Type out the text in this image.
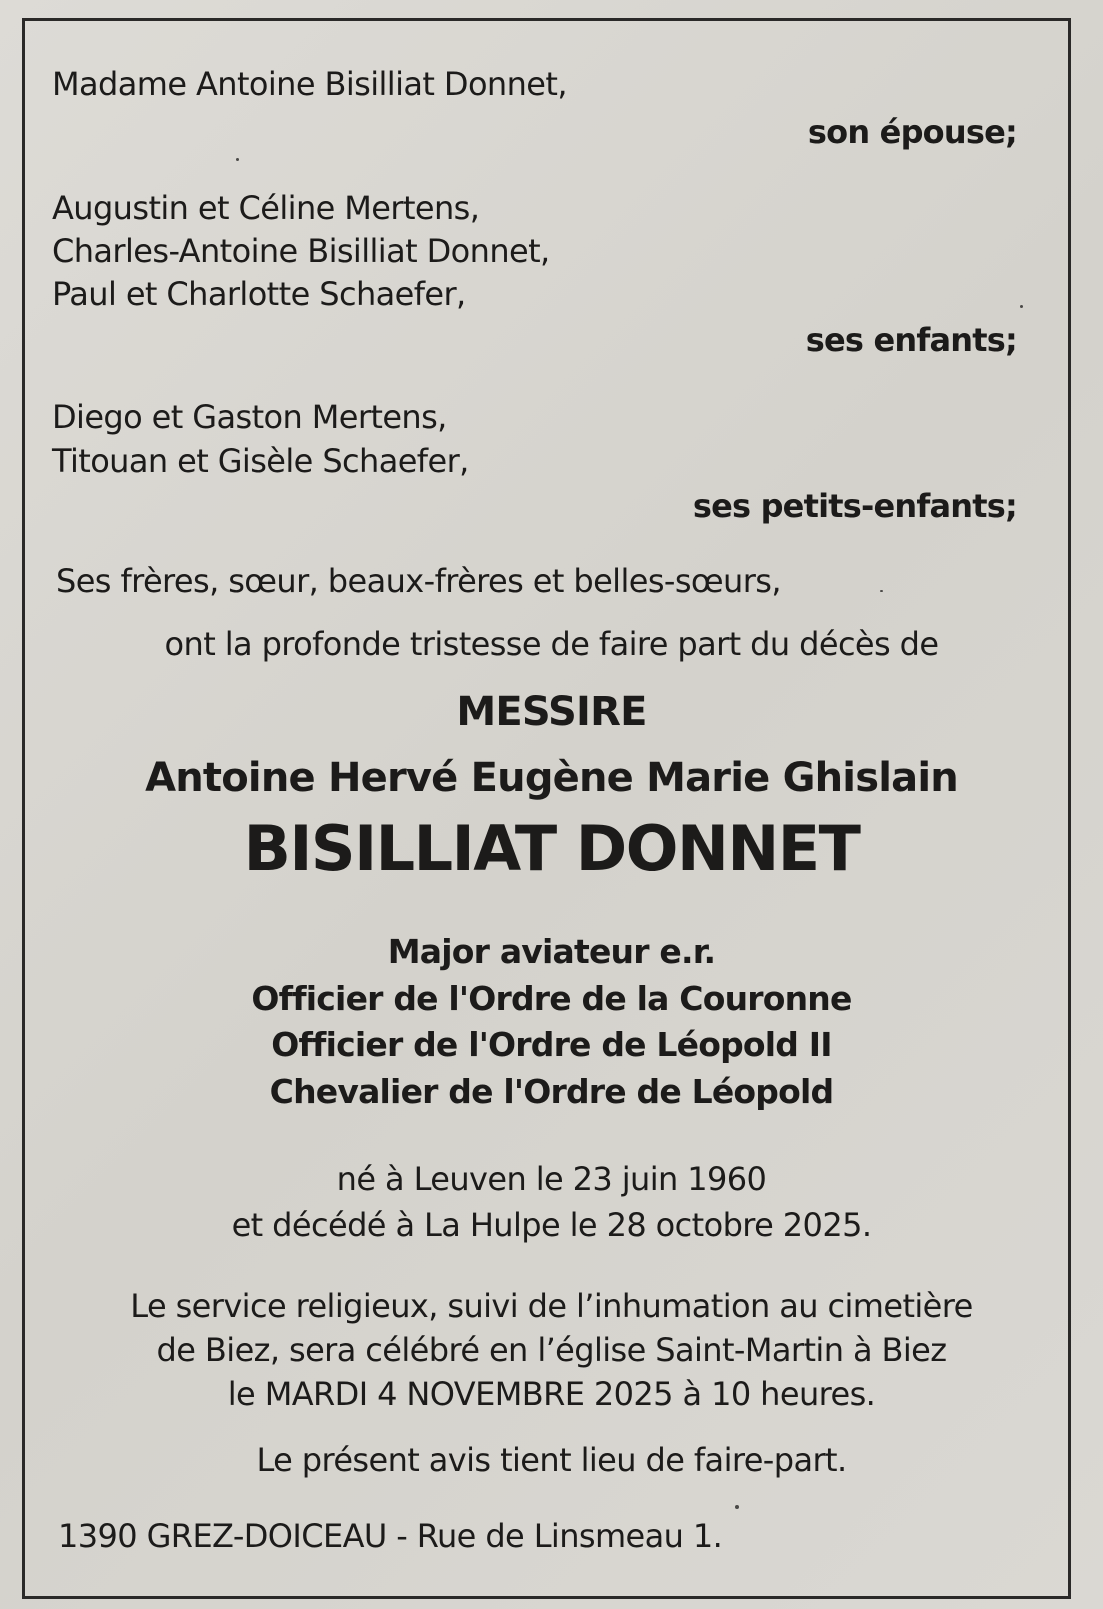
Madame Antoine Bisilliat Donnet,
son épouse;
Augustin et Céline Mertens,
Charles-Antoine Bisilliat Donnet,
Paul et Charlotte Schaefer,
ses enfants;
Diego et Gaston Mertens,
Titouan et Gisèle Schaefer,
ses petits-enfants;
Ses frères, sœur, beaux-frères et belles-sœurs,
ont la profonde tristesse de faire part du décès de
MESSIRE
Antoine Hervé Eugène Marie Ghislain
BISILLIAT DONNET
Major aviateur e.r.
Officier de l'Ordre de la Couronne
Officier de l'Ordre de Léopold II
Chevalier de l'Ordre de Léopold
né à Leuven le 23 juin 1960
et décédé à La Hulpe le 28 octobre 2025.
Le service religieux, suivi de l’inhumation au cimetière
de Biez, sera célébré en l’église Saint-Martin à Biez
le MARDI 4 NOVEMBRE 2025 à 10 heures.
Le présent avis tient lieu de faire-part.
1390 GREZ-DOICEAU - Rue de Linsmeau 1.
